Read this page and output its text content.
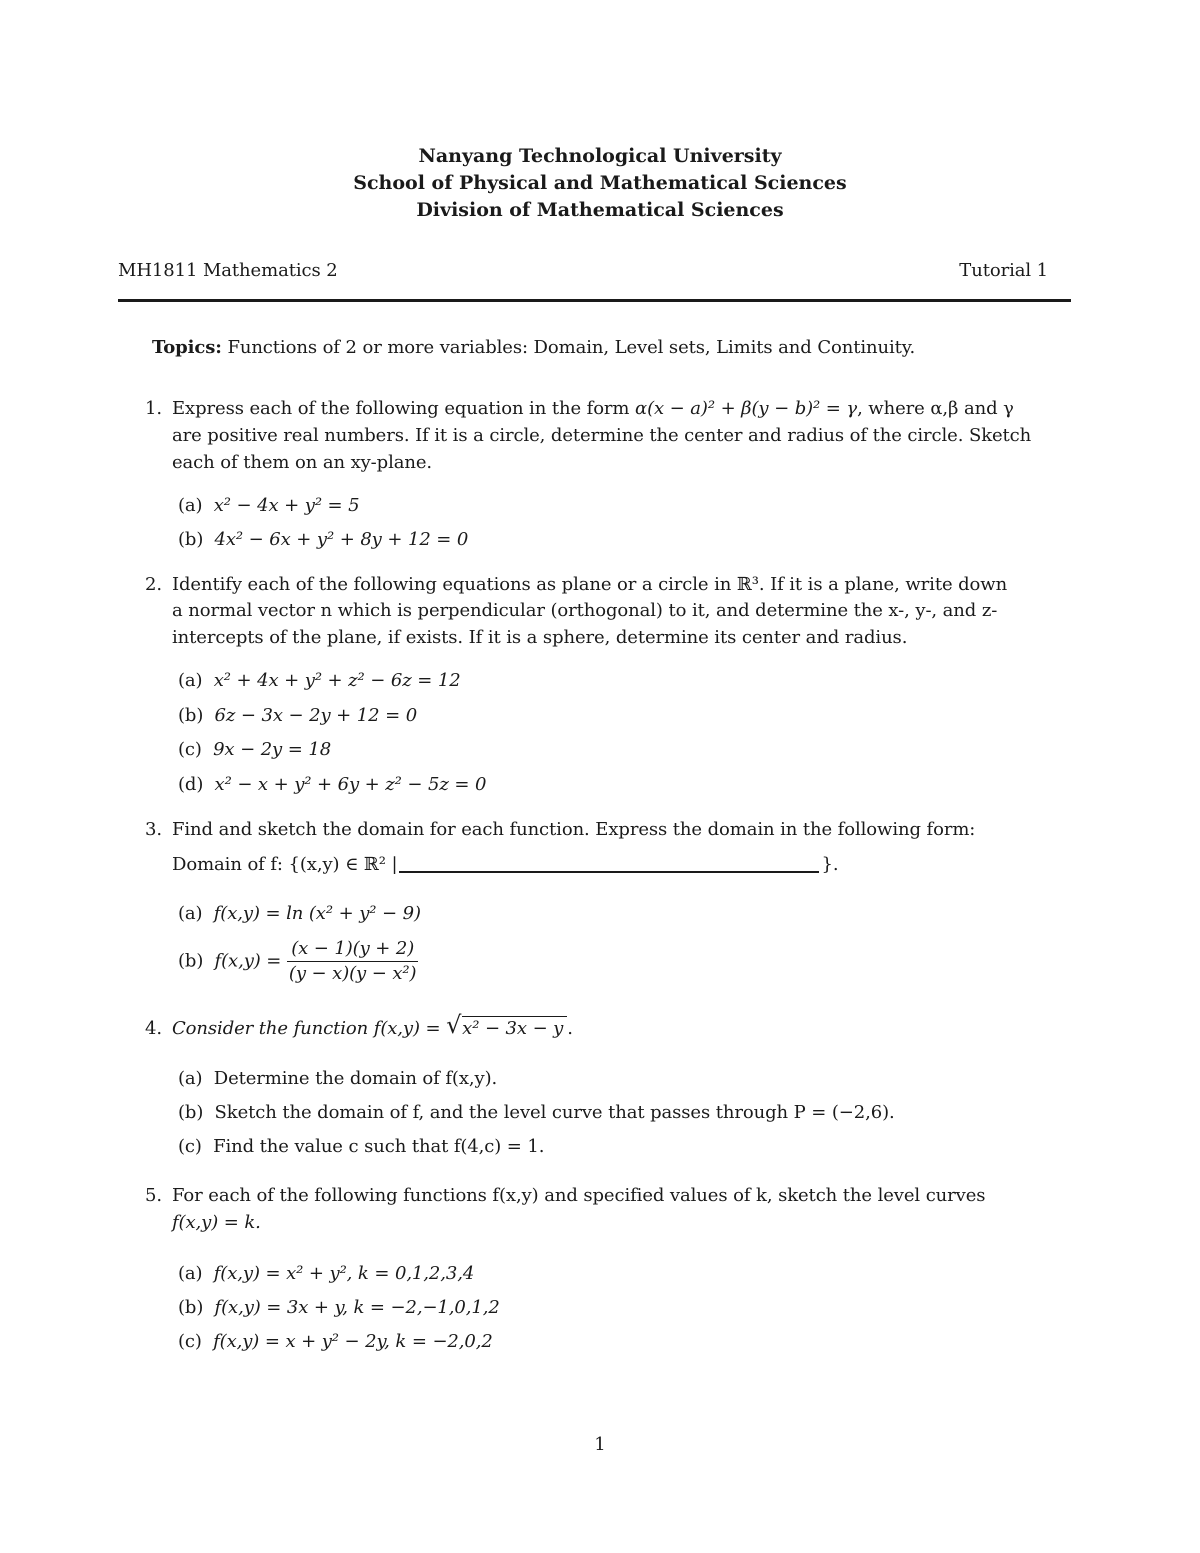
Nanyang Technological University
School of Physical and Mathematical Sciences
Division of Mathematical Sciences
MH1811 Mathematics 2	Tutorial 1
Topics: Functions of 2 or more variables: Domain, Level sets, Limits and Continuity.
1. Express each of the following equation in the form α(x − a)² + β(y − b)² = γ, where α,β and γ
are positive real numbers. If it is a circle, determine the center and radius of the circle. Sketch
each of them on an xy-plane.
(a) x² − 4x + y² = 5
(b) 4x² − 6x + y² + 8y + 12 = 0
2. Identify each of the following equations as plane or a circle in ℝ³. If it is a plane, write down
a normal vector n which is perpendicular (orthogonal) to it, and determine the x-, y-, and z-
intercepts of the plane, if exists. If it is a sphere, determine its center and radius.
(a) x² + 4x + y² + z² − 6z = 12
(b) 6z − 3x − 2y + 12 = 0
(c) 9x − 2y = 18
(d) x² − x + y² + 6y + z² − 5z = 0
3. Find and sketch the domain for each function. Express the domain in the following form:
Domain of f: {(x,y) ∈ ℝ² |	}.
(a) f(x,y) = ln (x² + y² − 9)
(b) $f(x,y) = \frac{(x - 1)(y + 2)}{\text{(y − x)(y − x²)}}$
4. Consider the function f(x,y) = √ x² − 3x − y .
(a) Determine the domain of f(x,y).
(b) Sketch the domain of f, and the level curve that passes through P = (−2,6).
(c) Find the value c such that f(4,c) = 1.
5. For each of the following functions f(x,y) and specified values of k, sketch the level curves
f(x,y) = k.
(a) f(x,y) = x² + y², k = 0,1,2,3,4
(b) f(x,y) = 3x + y, k = −2,−1,0,1,2
(c) f(x,y) = x + y² − 2y, k = −2,0,2
1
